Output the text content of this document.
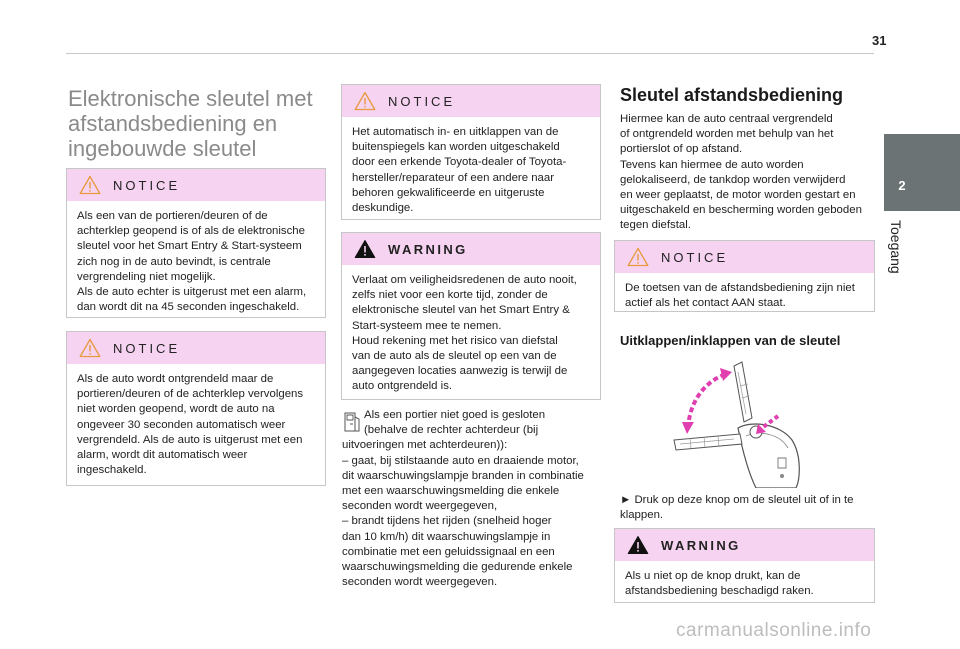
31
2
Toegang
Elektronische sleutel met
afstandsbediening en
ingebouwde sleutel
NOTICE

Als een van de portieren/deuren of de

achterklep geopend is of als de elektronische

sleutel voor het Smart Entry & Start-systeem

zich nog in de auto bevindt, is centrale

vergrendeling niet mogelijk.

Als de auto echter is uitgerust met een alarm,

dan wordt dit na 45 seconden ingeschakeld.

NOTICE

Als de auto wordt ontgrendeld maar de

portieren/deuren of de achterklep vervolgens

niet worden geopend, wordt de auto na

ongeveer 30 seconden automatisch weer

vergrendeld. Als de auto is uitgerust met een

alarm, wordt dit automatisch weer

ingeschakeld.

NOTICE

Het automatisch in- en uitklappen van de

buitenspiegels kan worden uitgeschakeld

door een erkende Toyota-dealer of Toyota-

hersteller/reparateur of een andere naar

behoren gekwalificeerde en uitgeruste

deskundige.

WARNING

Verlaat om veiligheidsredenen de auto nooit,

zelfs niet voor een korte tijd, zonder de

elektronische sleutel van het Smart Entry &

Start-systeem mee te nemen.

Houd rekening met het risico van diefstal

van de auto als de sleutel op een van de

aangegeven locaties aanwezig is terwijl de

auto ontgrendeld is.

Als een portier niet goed is gesloten
(behalve de rechter achterdeur (bij
uitvoeringen met achterdeuren)):
– gaat, bij stilstaande auto en draaiende motor,
dit waarschuwingslampje branden in combinatie
met een waarschuwingsmelding die enkele
seconden wordt weergegeven,
– brandt tijdens het rijden (snelheid hoger
dan 10 km/h) dit waarschuwingslampje in
combinatie met een geluidssignaal en een
waarschuwingsmelding die gedurende enkele
seconden wordt weergegeven.
Sleutel afstandsbediening
Hiermee kan de auto centraal vergrendeld
of ontgrendeld worden met behulp van het
portierslot of op afstand.
Tevens kan hiermee de auto worden
gelokaliseerd, de tankdop worden verwijderd
en weer geplaatst, de motor worden gestart en
uitgeschakeld en bescherming worden geboden
tegen diefstal.
NOTICE

De toetsen van de afstandsbediening zijn niet

actief als het contact AAN staat.

Uitklappen/inklappen van de sleutel
► Druk op deze knop om de sleutel uit of in te
klappen.
WARNING

Als u niet op de knop drukt, kan de

afstandsbediening beschadigd raken.

carmanualsonline.info
